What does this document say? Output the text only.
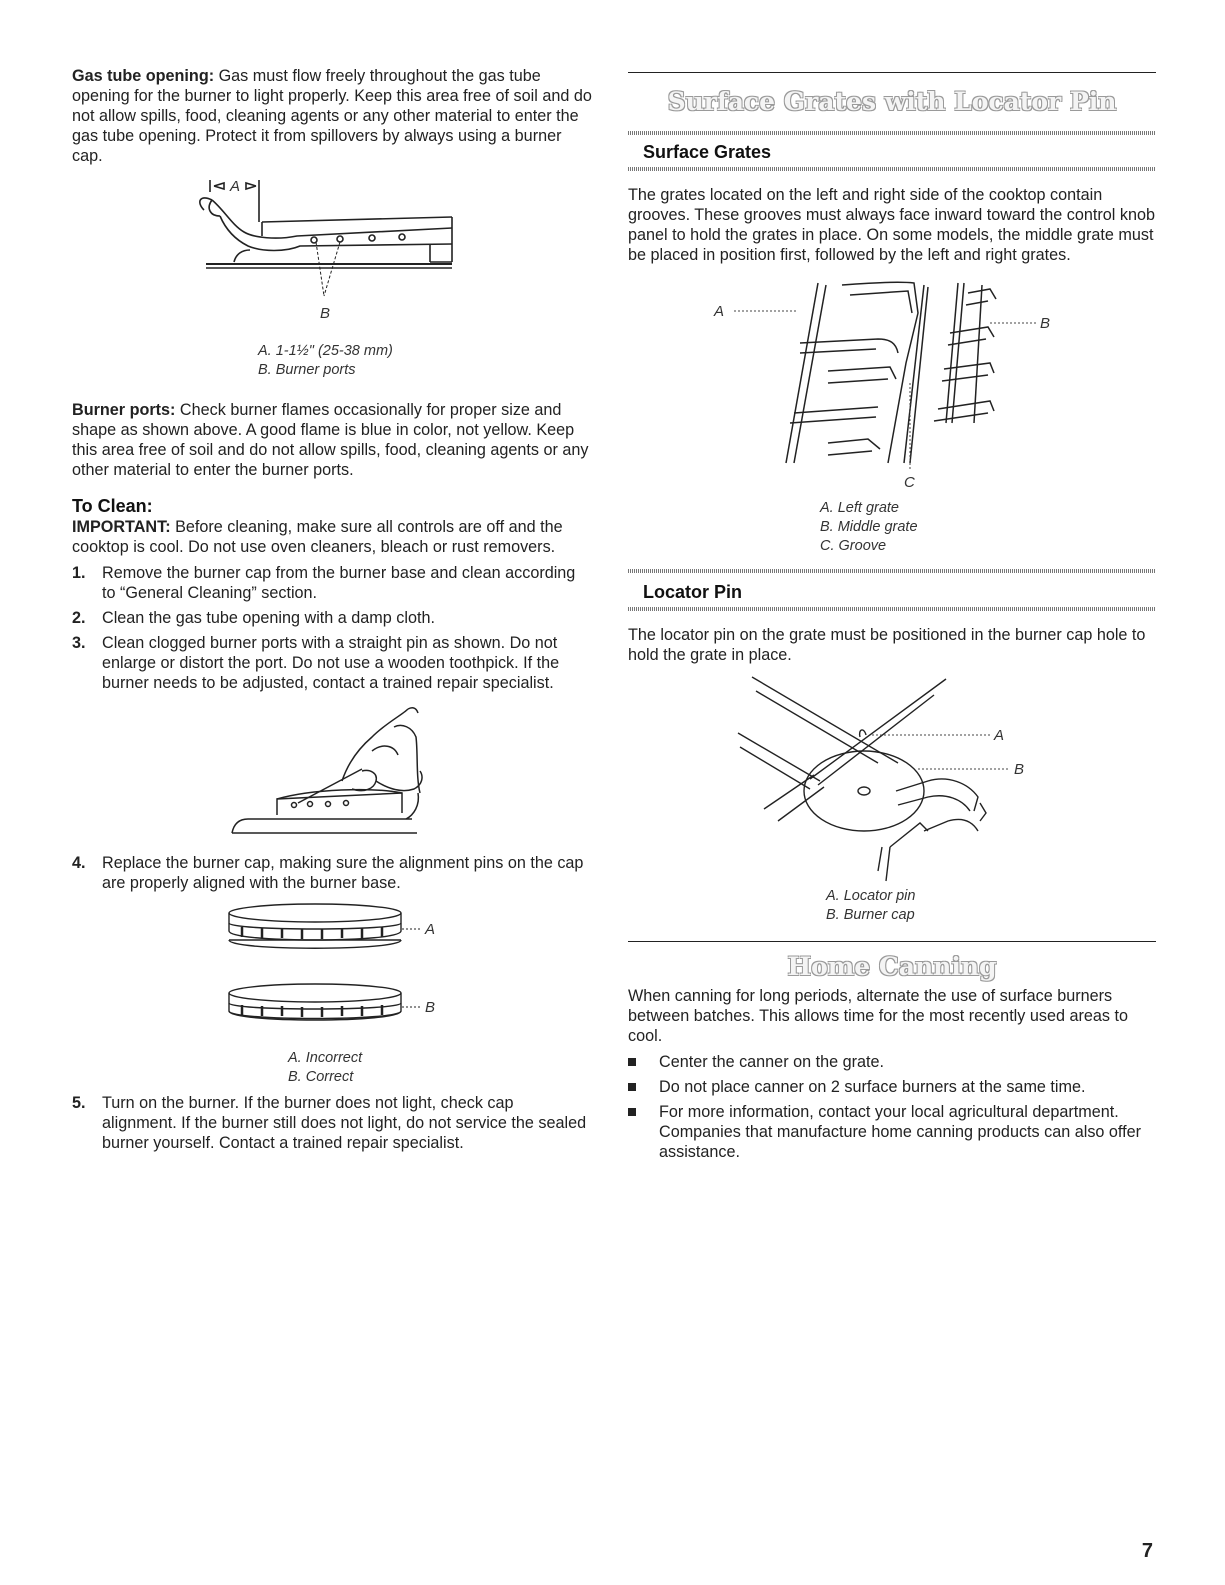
Gas tube opening: Gas must flow freely throughout the gas tube opening for the burner to light properly. Keep this area free of soil and do not allow spills, food, cleaning agents or any other material to enter the gas tube opening. Protect it from spillovers by always using a burner cap.

A
B
A. 1-1½" (25-38 mm)
B. Burner ports

Burner ports: Check burner flames occasionally for proper size and shape as shown above. A good flame is blue in color, not yellow. Keep this area free of soil and do not allow spills, food, cleaning agents or any other material to enter the burner ports.

To Clean:

IMPORTANT: Before cleaning, make sure all controls are off and the cooktop is cool. Do not use oven cleaners, bleach or rust removers.

1. Remove the burner cap from the burner base and clean according to “General Cleaning” section.
2. Clean the gas tube opening with a damp cloth.
3. Clean clogged burner ports with a straight pin as shown. Do not enlarge or distort the port. Do not use a wooden toothpick. If the burner needs to be adjusted, contact a trained repair specialist.
4. Replace the burner cap, making sure the alignment pins on the cap are properly aligned with the burner base.
A
B
A. Incorrect
B. Correct
5. Turn on the burner. If the burner does not light, check cap alignment. If the burner still does not light, do not service the sealed burner yourself. Contact a trained repair specialist.
Surface Grates with Locator Pin
Surface Grates

The grates located on the left and right side of the cooktop contain grooves. These grooves must always face inward toward the control knob panel to hold the grates in place. On some models, the middle grate must be placed in position first, followed by the left and right grates.

A
B
C
A. Left grate
B. Middle grate
C. Groove
Locator Pin

The locator pin on the grate must be positioned in the burner cap hole to hold the grate in place.

A
B
A. Locator pin
B. Burner cap
Home Canning

When canning for long periods, alternate the use of surface burners between batches. This allows time for the most recently used areas to cool.

Center the canner on the grate.
Do not place canner on 2 surface burners at the same time.
For more information, contact your local agricultural department. Companies that manufacture home canning products can also offer assistance.
7
